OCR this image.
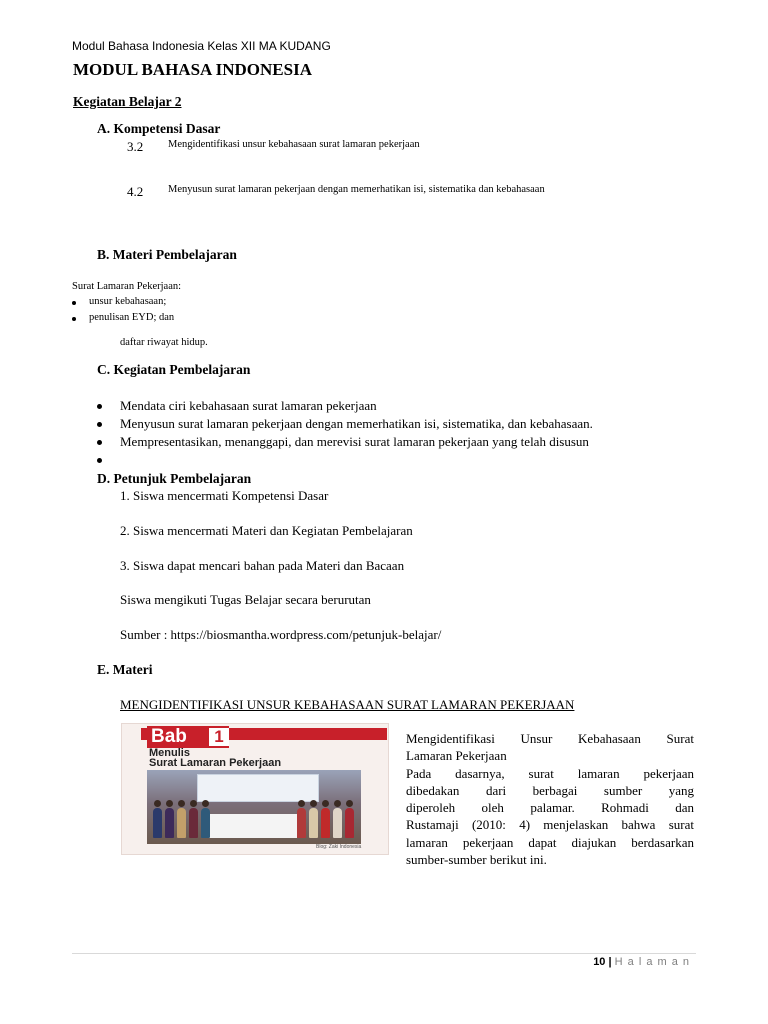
Modul Bahasa Indonesia Kelas XII MA KUDANG
MODUL BAHASA INDONESIA
Kegiatan Belajar 2
A. Kompetensi Dasar
3.2 Mengidentifikasi unsur kebahasaan surat lamaran pekerjaan
4.2 Menyusun surat lamaran pekerjaan dengan memerhatikan isi, sistematika dan kebahasaan
B. Materi Pembelajaran
Surat Lamaran Pekerjaan:
unsur kebahasaan;
penulisan EYD; dan
daftar riwayat hidup.
C. Kegiatan Pembelajaran
Mendata ciri kebahasaan surat lamaran pekerjaan
Menyusun surat lamaran pekerjaan dengan memerhatikan isi, sistematika, dan kebahasaan.
Mempresentasikan, menanggapi, dan merevisi surat lamaran pekerjaan yang telah disusun
D. Petunjuk Pembelajaran
1. Siswa mencermati Kompetensi Dasar
2. Siswa mencermati Materi dan Kegiatan Pembelajaran
3. Siswa dapat mencari bahan pada Materi dan Bacaan
Siswa mengikuti Tugas Belajar secara berurutan
Sumber : https://biosmantha.wordpress.com/petunjuk-belajar/
E. Materi
MENGIDENTIFIKASI UNSUR KEBAHASAAN SURAT LAMARAN PEKERJAAN
Bab	1
Menulis
Surat Lamaran Pekerjaan
Blog: Zaki Indonesia
Mengidentifikasi Unsur Kebahasaan Surat
Lamaran Pekerjaan
Pada dasarnya, surat lamaran pekerjaan
dibedakan dari berbagai sumber yang
diperoleh oleh palamar. Rohmadi dan
Rustamaji (2010: 4) menjelaskan bahwa surat
lamaran pekerjaan dapat diajukan berdasarkan
sumber-sumber berikut ini.
10 | H a l a m a n
